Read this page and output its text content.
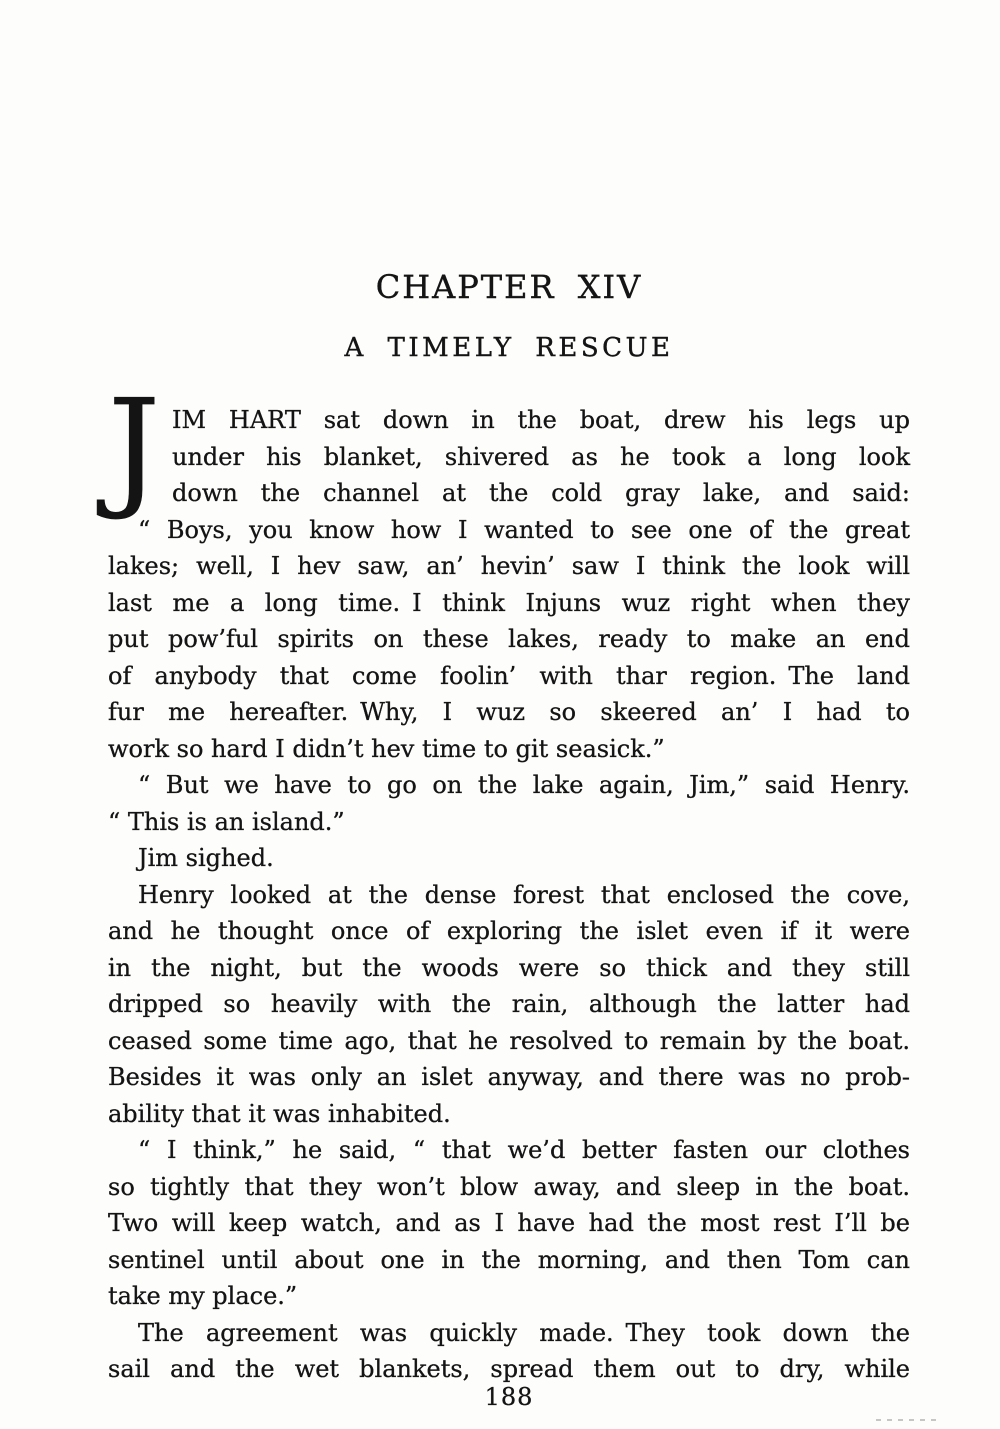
CHAPTER XIV
A TIMELY RESCUE
J IM HART sat down in the boat, drew his legs up
under his blanket, shivered as he took a long look
down the channel at the cold gray lake, and said:
“ Boys, you know how I wanted to see one of the great
lakes; well, I hev saw, an’ hevin’ saw I think the look will
last me a long time. I think Injuns wuz right when they
put pow’ful spirits on these lakes, ready to make an end
of anybody that come foolin’ with thar region. The land
fur me hereafter. Why, I wuz so skeered an’ I had to
work so hard I didn’t hev time to git seasick.”
“ But we have to go on the lake again, Jim,” said Henry.
“ This is an island.”
Jim sighed.
Henry looked at the dense forest that enclosed the cove,
and he thought once of exploring the islet even if it were
in the night, but the woods were so thick and they still
dripped so heavily with the rain, although the latter had
ceased some time ago, that he resolved to remain by the boat.
Besides it was only an islet anyway, and there was no prob-
ability that it was inhabited.
“ I think,” he said, “ that we’d better fasten our clothes
so tightly that they won’t blow away, and sleep in the boat.
Two will keep watch, and as I have had the most rest I’ll be
sentinel until about one in the morning, and then Tom can
take my place.”
The agreement was quickly made. They took down the
sail and the wet blankets, spread them out to dry, while
188
